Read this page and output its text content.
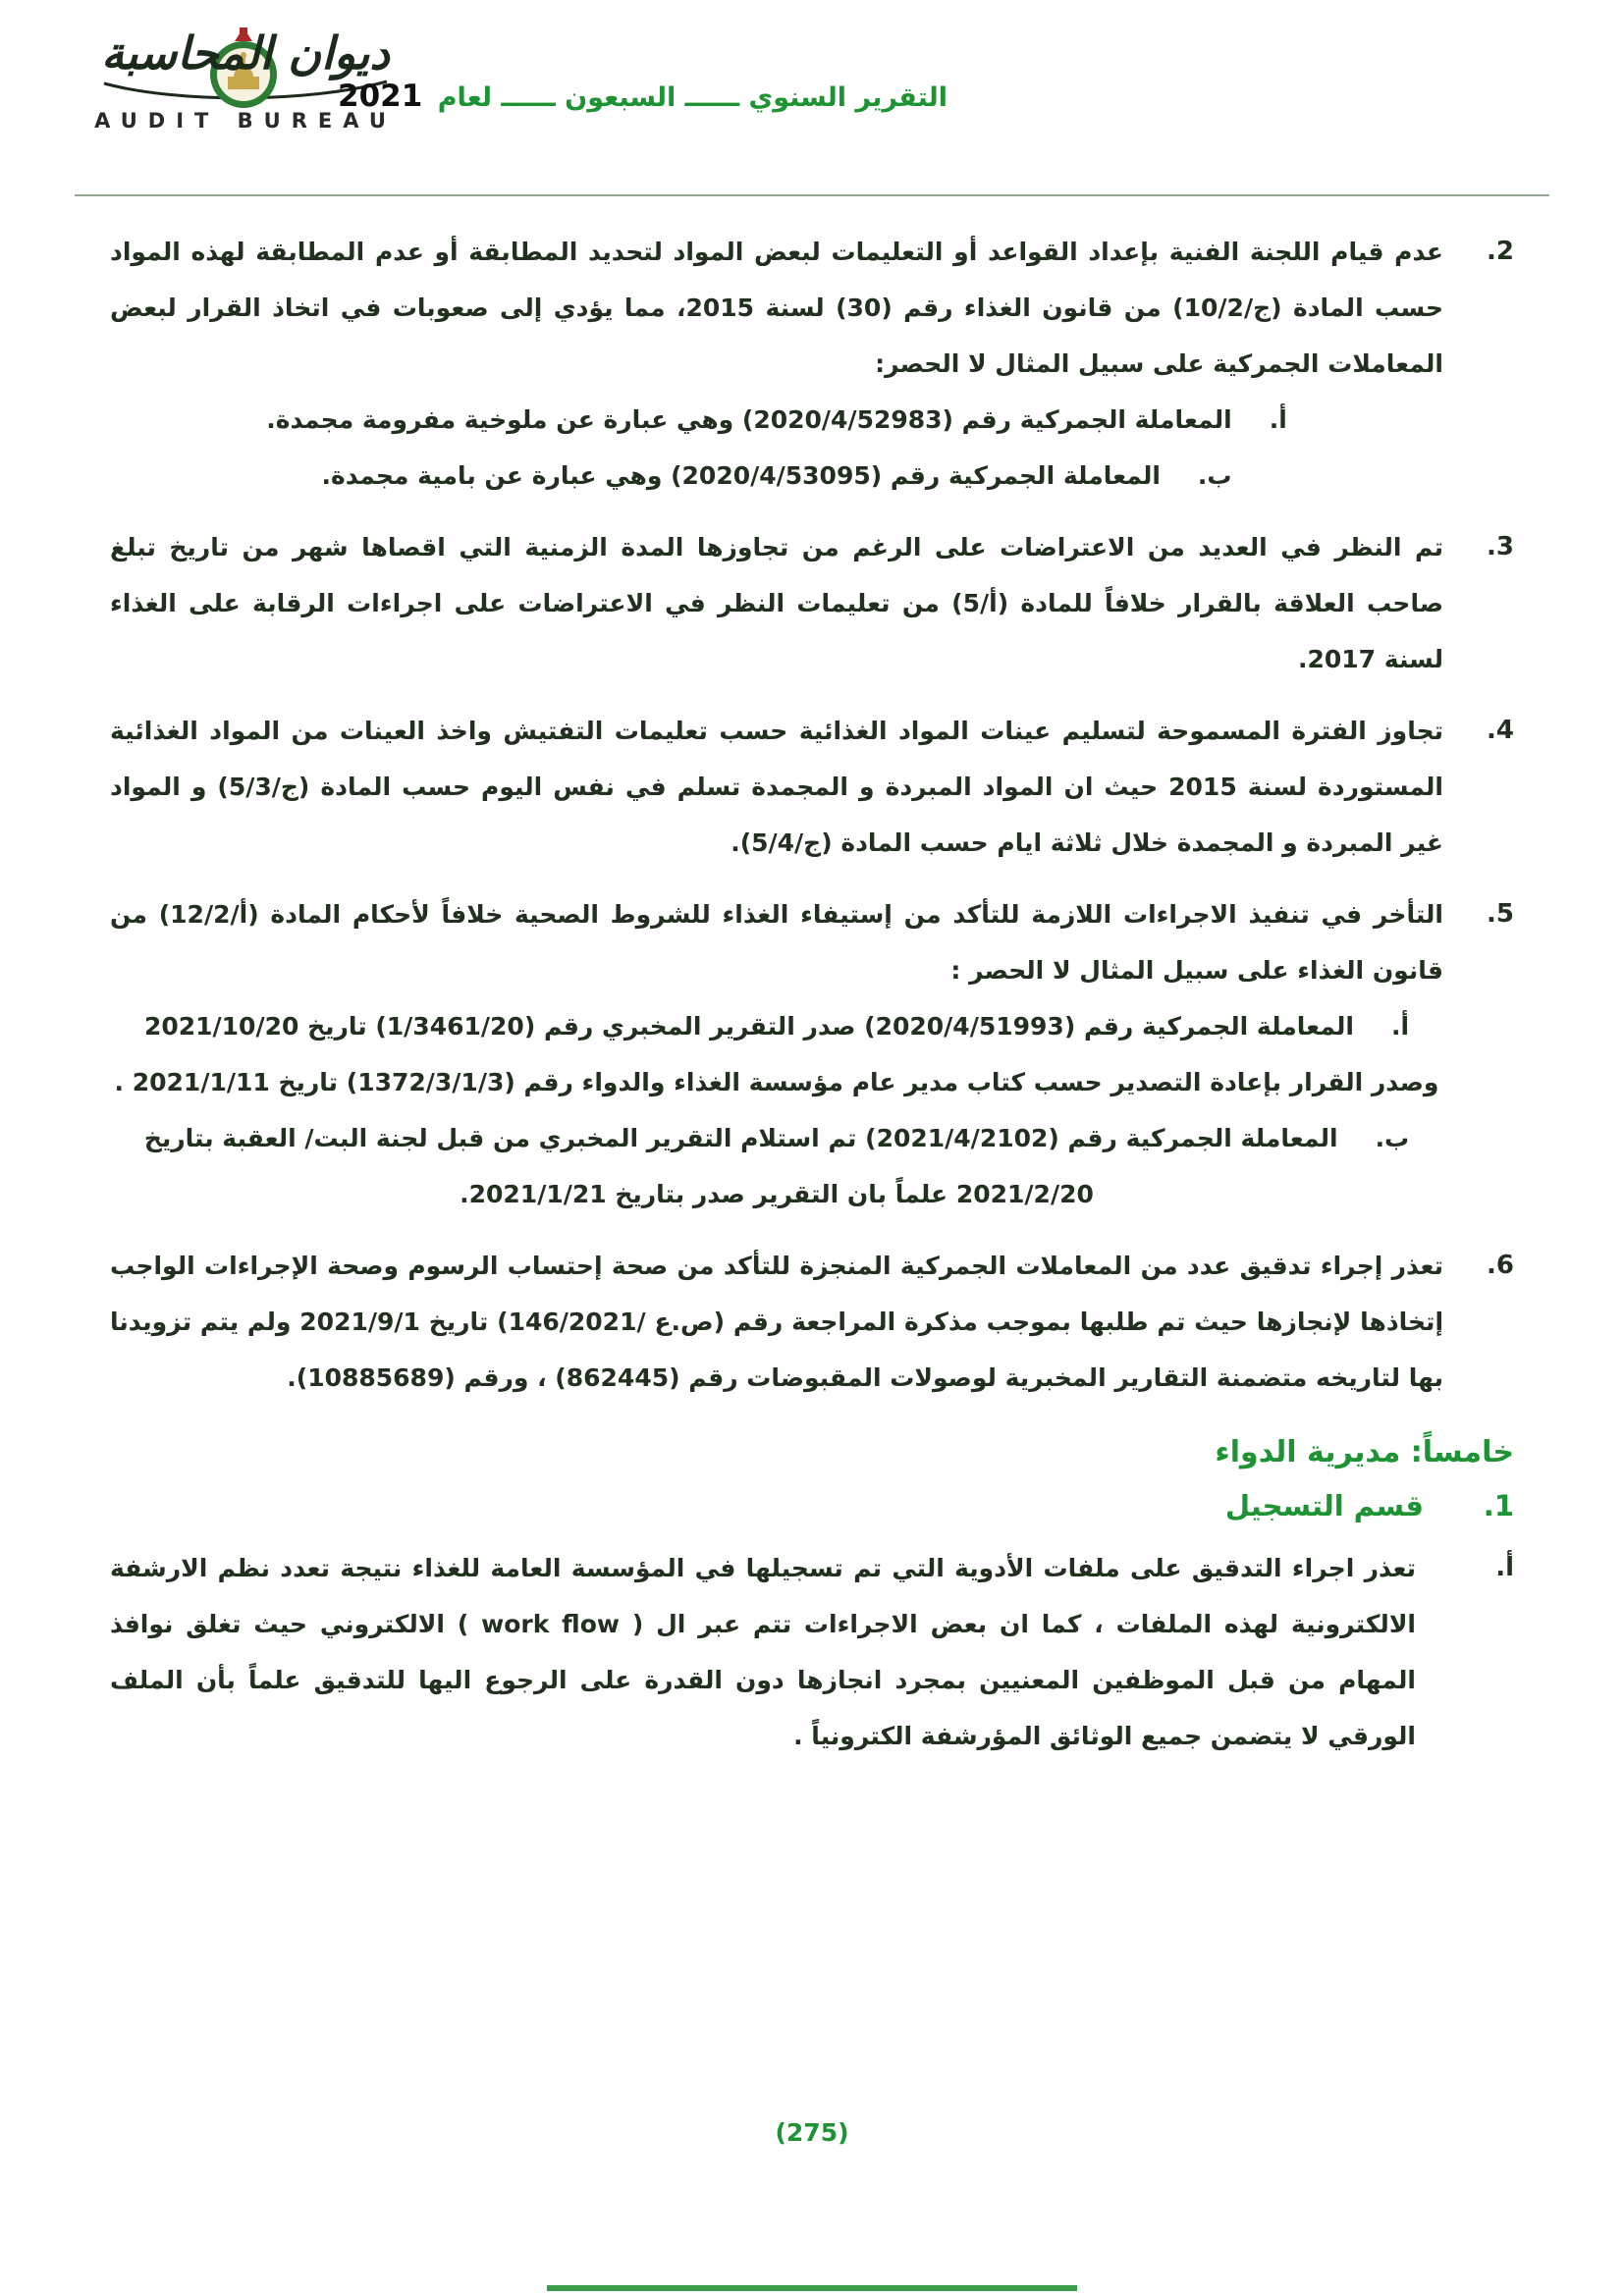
ديوان المحاسبة
AUDIT BUREAU
التقرير السنوي ــــــ السبعون ــــــ لعام 2021
2.

عدم قيام اللجنة الفنية بإعداد القواعد أو التعليمات لبعض المواد لتحديد المطابقة أو عدم المطابقة لهذه المواد حسب المادة ⁦(10/ج/2)⁩ من قانون الغذاء رقم (30) لسنة 2015، مما يؤدي إلى صعوبات في اتخاذ القرار لبعض المعاملات الجمركية على سبيل المثال لا الحصر:

أ.المعاملة الجمركية رقم (2020/4/52983) وهي عبارة عن ملوخية مفرومة مجمدة.

ب.المعاملة الجمركية رقم (2020/4/53095) وهي عبارة عن بامية مجمدة.

3.

تم النظر في العديد من الاعتراضات على الرغم من تجاوزها المدة الزمنية التي اقصاها شهر من تاريخ تبلغ صاحب العلاقة بالقرار خلافاً للمادة ⁦(5/أ)⁩ من تعليمات النظر في الاعتراضات على اجراءات الرقابة على الغذاء لسنة 2017.

4.

تجاوز الفترة المسموحة لتسليم عينات المواد الغذائية حسب تعليمات التفتيش واخذ العينات من المواد الغذائية المستوردة لسنة 2015 حيث ان المواد المبردة و المجمدة تسلم في نفس اليوم حسب المادة ⁦(5/ج/3)⁩ و المواد غير المبردة و المجمدة خلال ثلاثة ايام حسب المادة ⁦(5/ج/4)⁩.

5.

التأخر في تنفيذ الاجراءات اللازمة للتأكد من إستيفاء الغذاء للشروط الصحية خلافاً لأحكام المادة ⁦(12/أ/2)⁩ من قانون الغذاء على سبيل المثال لا الحصر :

أ.المعاملة الجمركية رقم (2020/4/51993) صدر التقرير المخبري رقم (1/3461/20) تاريخ 2021/10/20 وصدر القرار بإعادة التصدير حسب كتاب مدير عام مؤسسة الغذاء والدواء رقم (1372/3/1/3) تاريخ 2021/1/11 .

ب.المعاملة الجمركية رقم (2021/4/2102) تم استلام التقرير المخبري من قبل لجنة البت/ العقبة بتاريخ 2021/2/20 علماً بان التقرير صدر بتاريخ 2021/1/21.

6.

تعذر إجراء تدقيق عدد من المعاملات الجمركية المنجزة للتأكد من صحة إحتساب الرسوم وصحة الإجراءات الواجب إتخاذها لإنجازها حيث تم طلبها بموجب مذكرة المراجعة رقم (ص.ع /146/2021) تاريخ 2021/9/1 ولم يتم تزويدنا بها لتاريخه متضمنة التقارير المخبرية لوصولات المقبوضات رقم (862445) ، ورقم (10885689).

خامساً: مديرية الدواء
1.
قسم التسجيل
أ.

تعذر اجراء التدقيق على ملفات الأدوية التي تم تسجيلها في المؤسسة العامة للغذاء نتيجة تعدد نظم الارشفة الالكترونية لهذه الملفات ، كما ان بعض الاجراءات تتم عبر ال ( work flow ) الالكتروني حيث تغلق نوافذ المهام من قبل الموظفين المعنيين بمجرد انجازها دون القدرة على الرجوع اليها للتدقيق علماً بأن الملف الورقي لا يتضمن جميع الوثائق المؤرشفة الكترونياً .

(275)
